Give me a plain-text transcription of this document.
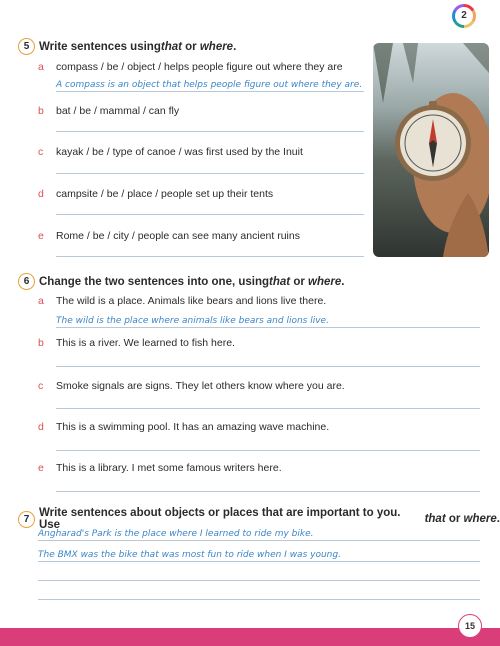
2
5 Write sentences using that or where .
a compass / be / object / helps people figure out where they are
A compass is an object that helps people figure out where they are.
b bat / be / mammal / can fly
c kayak / be / type of canoe / was first used by the Inuit
d campsite / be / place / people set up their tents
e Rome / be / city / people can see many ancient ruins
6 Change the two sentences into one, using that or where .
a The wild is a place. Animals like bears and lions live there.
The wild is the place where animals like bears and lions live.
b This is a river. We learned to fish here.
c Smoke signals are signs. They let others know where you are.
d This is a swimming pool. It has an amazing wave machine.
e This is a library. I met some famous writers here.
7 Write sentences about objects or places that are important to you. Use	that or where .
Angharad's Park is the place where I learned to ride my bike.
The BMX was the bike that was most fun to ride when I was young.
15
